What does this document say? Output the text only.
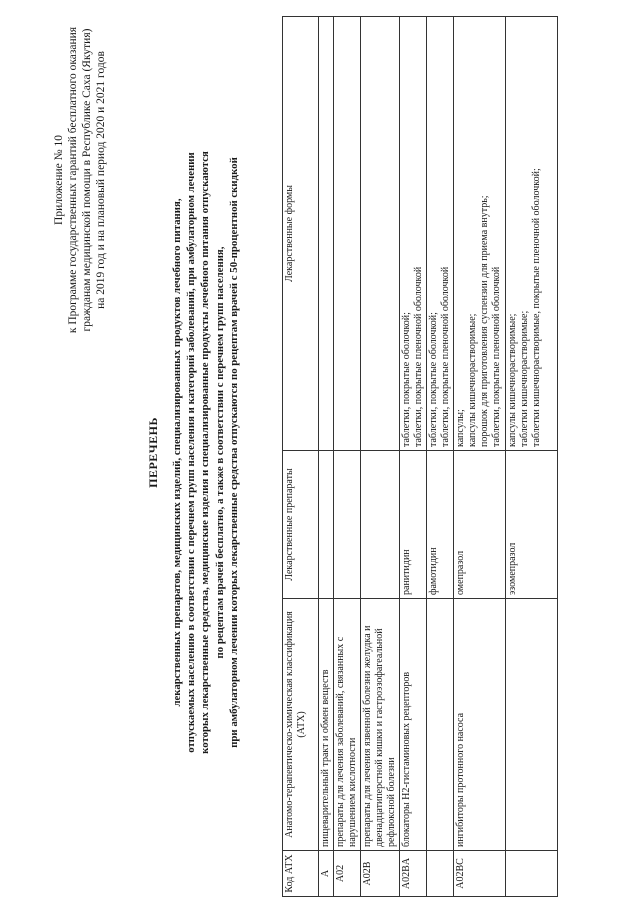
Приложение № 10 к Программе государственных гарантий бесплатного оказания гражданам медицинской помощи в Республике Саха (Якутия) на 2019 год и на плановый период 2020 и 2021 годов
ПЕРЕЧЕНЬ лекарственных препаратов, медицинских изделий, специализированных продуктов лечебного питания, отпускаемых населению в соответствии с перечнем групп населения и категорий заболеваний, при амбулаторном лечении которых лекарственные средства, медицинские изделия и специализированные продукты лечебного питания отпускаются по рецептам врачей бесплатно, а также в соответствии с перечнем групп населения, при амбулаторном лечении которых лекарственные средства отпускаются по рецептам врачей с 50-процентной скидкой
Код АТХ	Анатомо-терапевтическо-химическая классификация (АТХ)	Лекарственные препараты	Лекарственные формы
A	пищеварительный тракт и обмен веществ		
A02	препараты для лечения заболеваний, связанных с нарушением кислотности		
A02B	препараты для лечения язвенной болезни желудка и двенадцатиперстной кишки и гастроэзофагеальной рефлюксной болезни		
A02BA	блокаторы H2-гистаминовых рецепторов	ранитидин	таблетки, покрытые оболочкой; таблетки, покрытые пленочной оболочкой

		фамотидин	таблетки, покрытые оболочкой; таблетки, покрытые пленочной оболочкой

A02BC	ингибиторы протонного насоса	омепразол	капсулы; капсулы кишечнорастворимые; порошок для приготовления суспензии для приема внутрь; таблетки, покрытые пленочной оболочкой

		эзомепразол	капсулы кишечнорастворимые; таблетки кишечнорастворимые; таблетки кишечнорастворимые, покрытые пленочной оболочкой;
